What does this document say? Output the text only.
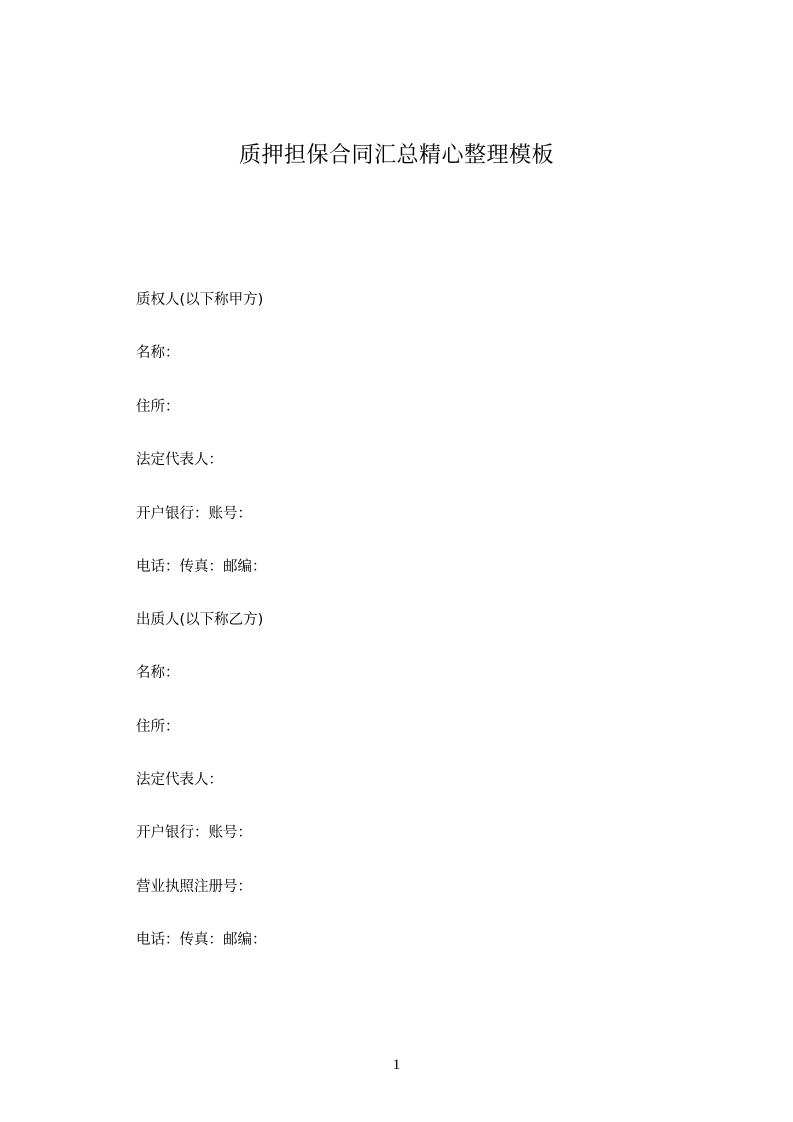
质押担保合同汇总精心整理模板
质权人(以下称甲方)
名称：
住所：
法定代表人：
开户银行：账号：
电话：传真：邮编：
出质人(以下称乙方)
名称：
住所：
法定代表人：
开户银行：账号：
营业执照注册号：
电话：传真：邮编：
1
